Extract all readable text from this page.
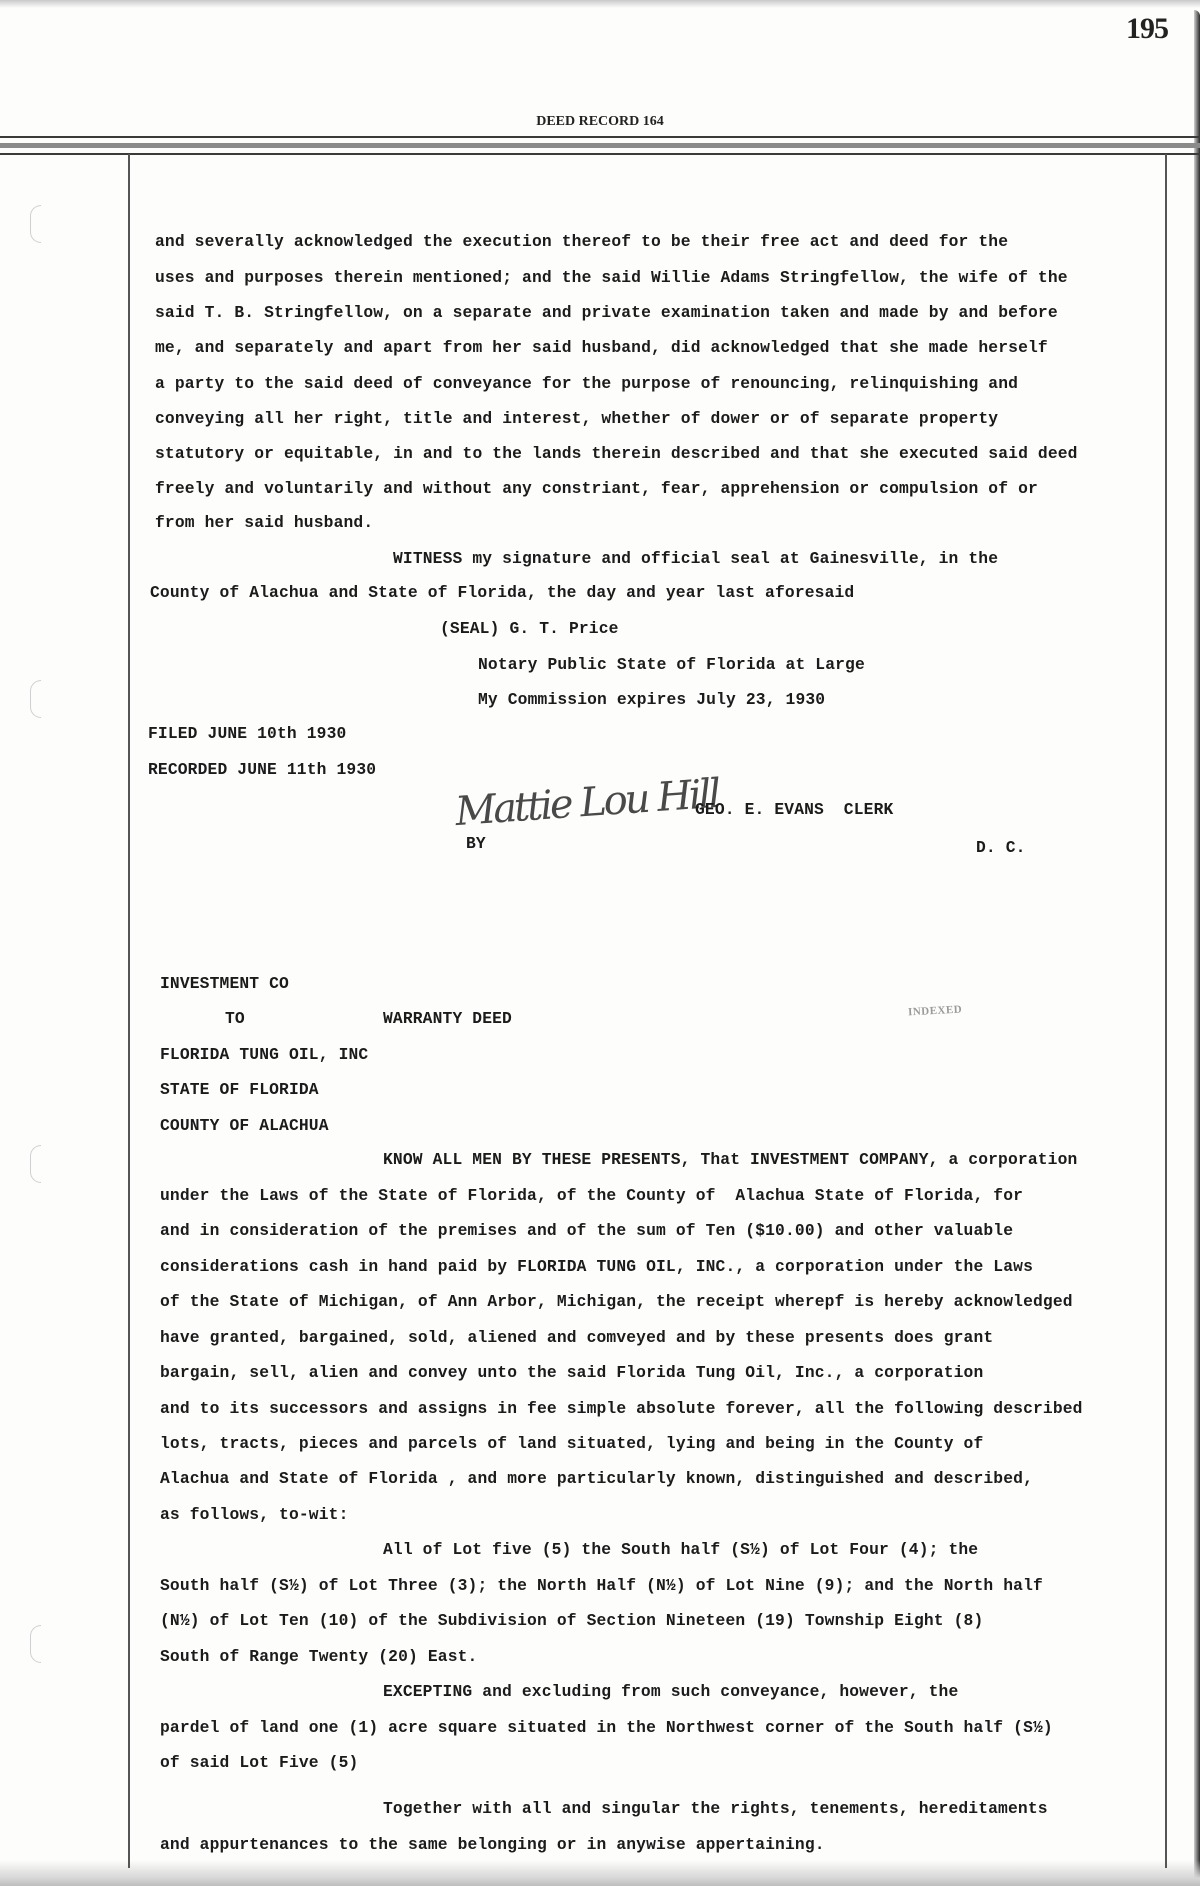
195
DEED RECORD 164
and severally acknowledged the execution thereof to be their free act and deed for the
uses and purposes therein mentioned; and the said Willie Adams Stringfellow, the wife of the
said T. B. Stringfellow, on a separate and private examination taken and made by and before
me, and separately and apart from her said husband, did acknowledged that she made herself
a party to the said deed of conveyance for the purpose of renouncing, relinquishing and
conveying all her right, title and interest, whether of dower or of separate property
statutory or equitable, in and to the lands therein described and that she executed said deed
freely and voluntarily and without any constriant, fear, apprehension or compulsion of or
from her said husband.
WITNESS my signature and official seal at Gainesville, in the
County of Alachua and State of Florida, the day and year last aforesaid
(SEAL) G. T. Price
Notary Public State of Florida at Large
My Commission expires July 23, 1930
FILED JUNE 10th 1930
RECORDED JUNE 11th 1930
Mattie Lou Hill
GEO. E. EVANS  CLERK
BY	D. C.
INVESTMENT CO
TO	WARRANTY DEED	INDEXED
FLORIDA TUNG OIL, INC
STATE OF FLORIDA
COUNTY OF ALACHUA
KNOW ALL MEN BY THESE PRESENTS, That INVESTMENT COMPANY, a corporation
under the Laws of the State of Florida, of the County of  Alachua State of Florida, for
and in consideration of the premises and of the sum of Ten ($10.00) and other valuable
considerations cash in hand paid by FLORIDA TUNG OIL, INC., a corporation under the Laws
of the State of Michigan, of Ann Arbor, Michigan, the receipt wherepf is hereby acknowledged
have granted, bargained, sold, aliened and comveyed and by these presents does grant
bargain, sell, alien and convey unto the said Florida Tung Oil, Inc., a corporation
and to its successors and assigns in fee simple absolute forever, all the following described
lots, tracts, pieces and parcels of land situated, lying and being in the County of
Alachua and State of Florida , and more particularly known, distinguished and described,
as follows, to-wit:
All of Lot five (5) the South half (S½) of Lot Four (4); the
South half (S½) of Lot Three (3); the North Half (N½) of Lot Nine (9); and the North half
(N½) of Lot Ten (10) of the Subdivision of Section Nineteen (19) Township Eight (8)
South of Range Twenty (20) East.
EXCEPTING and excluding from such conveyance, however, the
pardel of land one (1) acre square situated in the Northwest corner of the South half (S½)
of said Lot Five (5)
Together with all and singular the rights, tenements, hereditaments
and appurtenances to the same belonging or in anywise appertaining.
